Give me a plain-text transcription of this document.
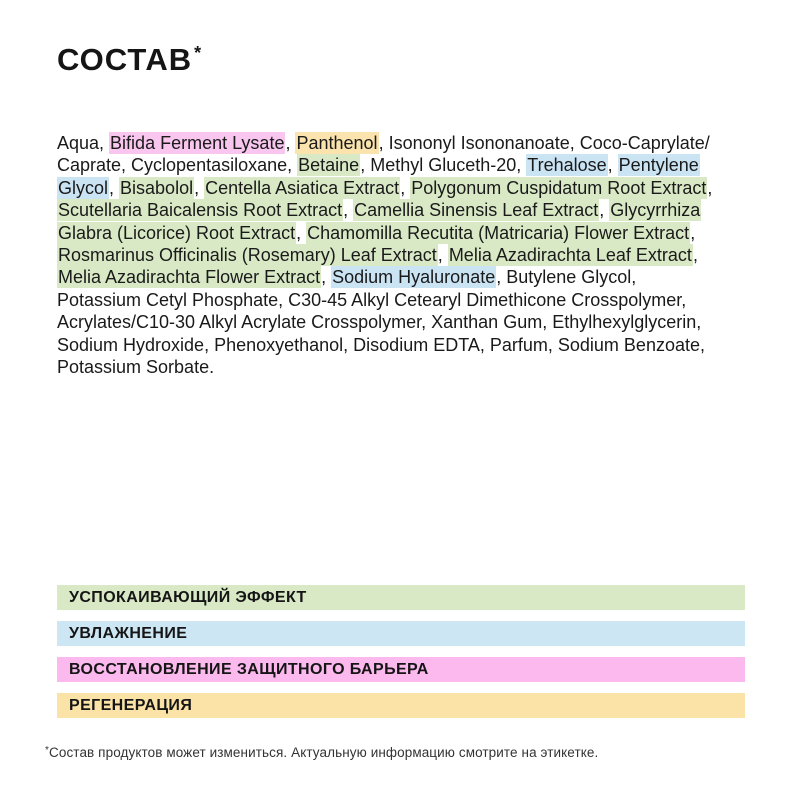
СОСТАВ *
Aqua, Bifida Ferment Lysate, Panthenol, Isononyl Isononanoate, Coco-Caprylate/
Caprate, Cyclopentasiloxane, Betaine, Methyl Gluceth-20, Trehalose, Pentylene
Glycol, Bisabolol, Centella Asiatica Extract, Polygonum Cuspidatum Root Extract,
Scutellaria Baicalensis Root Extract, Camellia Sinensis Leaf Extract, Glycyrrhiza
Glabra (Licorice) Root Extract, Chamomilla Recutita (Matricaria) Flower Extract,
Rosmarinus Officinalis (Rosemary) Leaf Extract, Melia Azadirachta Leaf Extract,
Melia Azadirachta Flower Extract, Sodium Hyaluronate, Butylene Glycol,
Potassium Cetyl Phosphate, C30-45 Alkyl Cetearyl Dimethicone Crosspolymer,
Acrylates/C10-30 Alkyl Acrylate Crosspolymer, Xanthan Gum, Ethylhexylglycerin,
Sodium Hydroxide, Phenoxyethanol, Disodium EDTA, Parfum, Sodium Benzoate,
Potassium Sorbate.
УСПОКАИВАЮЩИЙ ЭФФЕКТ
УВЛАЖНЕНИЕ
ВОССТАНОВЛЕНИЕ ЗАЩИТНОГО БАРЬЕРА
РЕГЕНЕРАЦИЯ
*Состав продуктов может измениться. Актуальную информацию смотрите на этикетке.
